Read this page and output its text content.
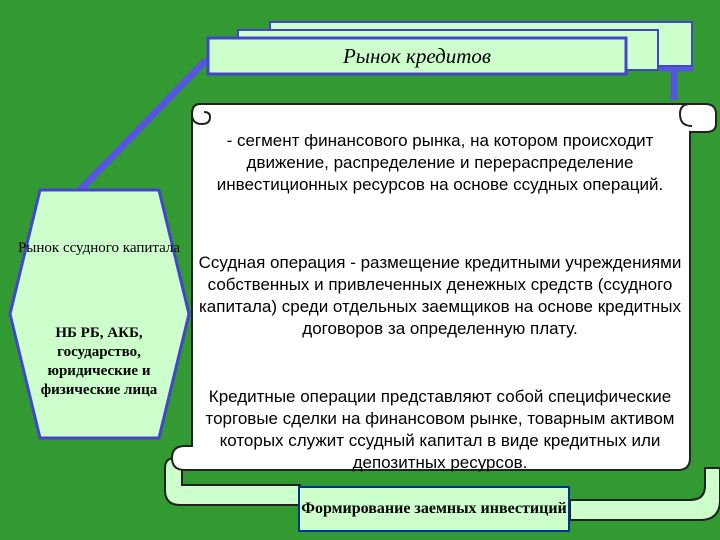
Рынок кредитов
Рынок ссудного капитала
НБ РБ, АКБ, государство, юридические и физические лица
- сегмент финансового рынка, на котором происходит движение, распределение и перераспределение инвестиционных ресурсов на основе ссудных операций.
Ссудная операция - размещение кредитными учреждениями собственных и привлеченных денежных средств (ссудного капитала) среди отдельных заемщиков на основе кредитных договоров за определенную плату.
Кредитные операции представляют собой специфические торговые сделки на финансовом рынке, товарным активом которых служит ссудный капитал в виде кредитных или депозитных ресурсов.
Формирование заемных инвестиций
